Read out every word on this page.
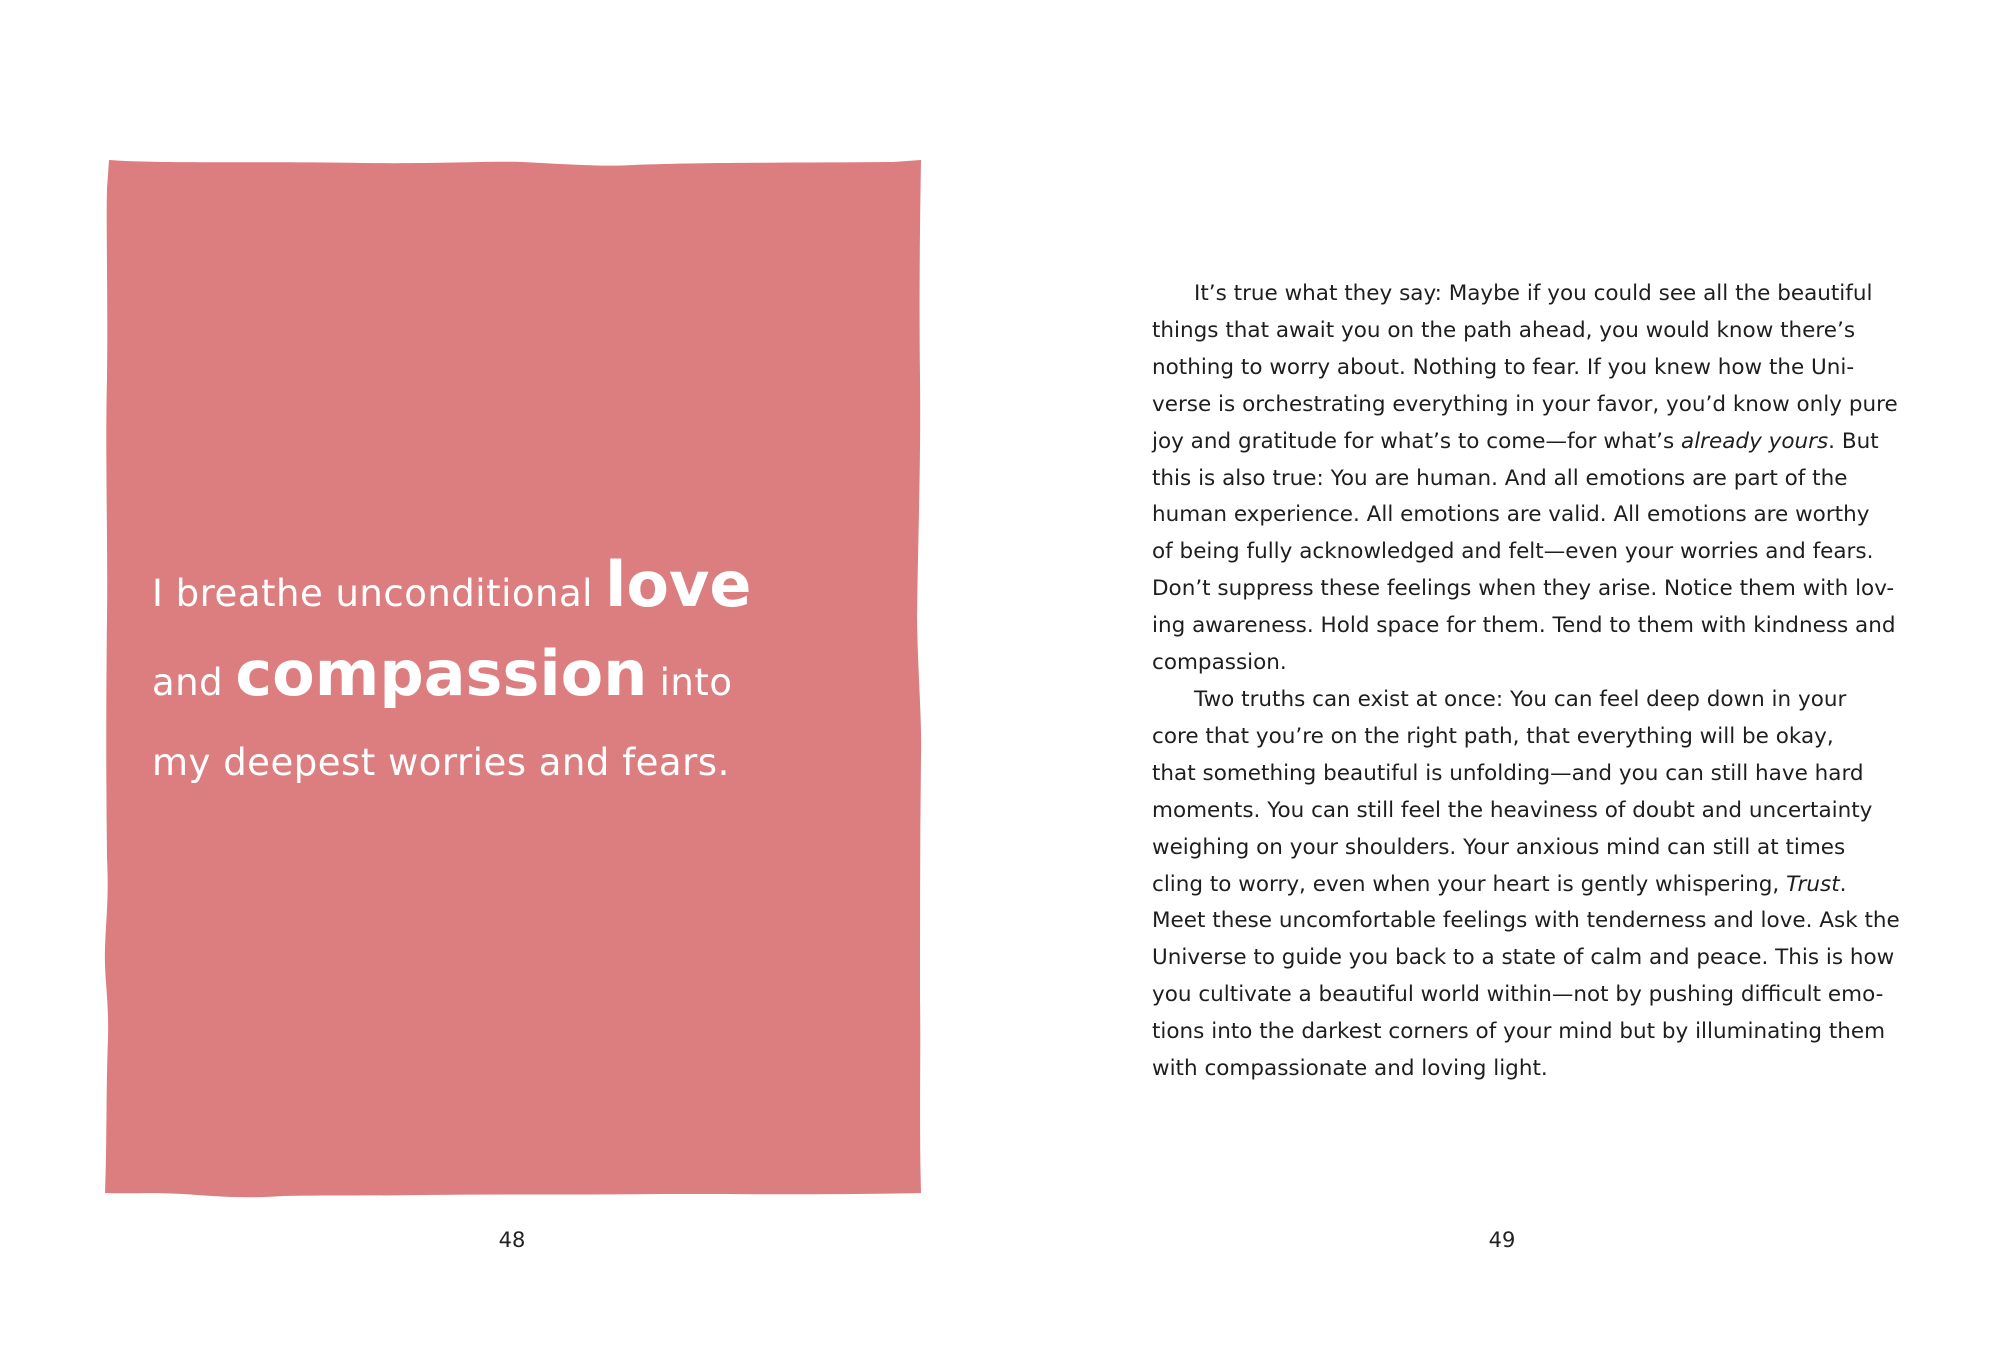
I breathe unconditional love
and compassion into
my deepest worries and fears.
48
It’s true what they say: Maybe if you could see all the beautiful
things that await you on the path ahead, you would know there’s
nothing to worry about. Nothing to fear. If you knew how the Uni-
verse is orchestrating everything in your favor, you’d know only pure
joy and gratitude for what’s to come—for what’s already yours. But
this is also true: You are human. And all emotions are part of the
human experience. All emotions are valid. All emotions are worthy
of being fully acknowledged and felt—even your worries and fears.
Don’t suppress these feelings when they arise. Notice them with lov-
ing awareness. Hold space for them. Tend to them with kindness and
compassion.
Two truths can exist at once: You can feel deep down in your
core that you’re on the right path, that everything will be okay,
that something beautiful is unfolding—and you can still have hard
moments. You can still feel the heaviness of doubt and uncertainty
weighing on your shoulders. Your anxious mind can still at times
cling to worry, even when your heart is gently whispering, Trust.
Meet these uncomfortable feelings with tenderness and love. Ask the
Universe to guide you back to a state of calm and peace. This is how
you cultivate a beautiful world within—not by pushing difficult emo-
tions into the darkest corners of your mind but by illuminating them
with compassionate and loving light.
49
